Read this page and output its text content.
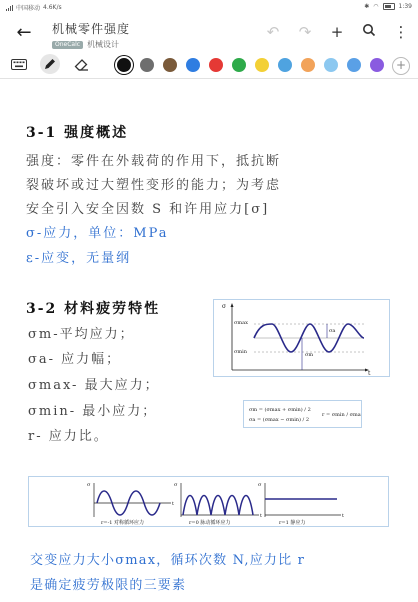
中国移动 4.6K/s	✱ ◠	1:39
←	机械零件强度
OneCalc 机械设计
↶ ↷ +	⋮
+
3-1 强度概述
强度：零件在外载荷的作用下，抵抗断
裂破坏或过大塑性变形的能力；为考虑
安全引入安全因数 S 和许用应力[σ]
σ-应力，单位：MPa
ε-应变，无量纲
3-2 材料疲劳特性
σm-平均应力；
σa- 应力幅；
σmax- 最大应力；
σmin- 最小应力；
r- 应力比。
σ
σmax
σmin
σa
σm
t
σm = (σmax + σmin) / 2
σa = (σmax − σmin) / 2
r = σmin / σmax
σ
t
r=-1 对称循环应力
σ
t
r=0 脉动循环应力
σ
t
r=1 静应力
交变应力大小σmax，循环次数 N,应力比 r
是确定疲劳极限的三要素
